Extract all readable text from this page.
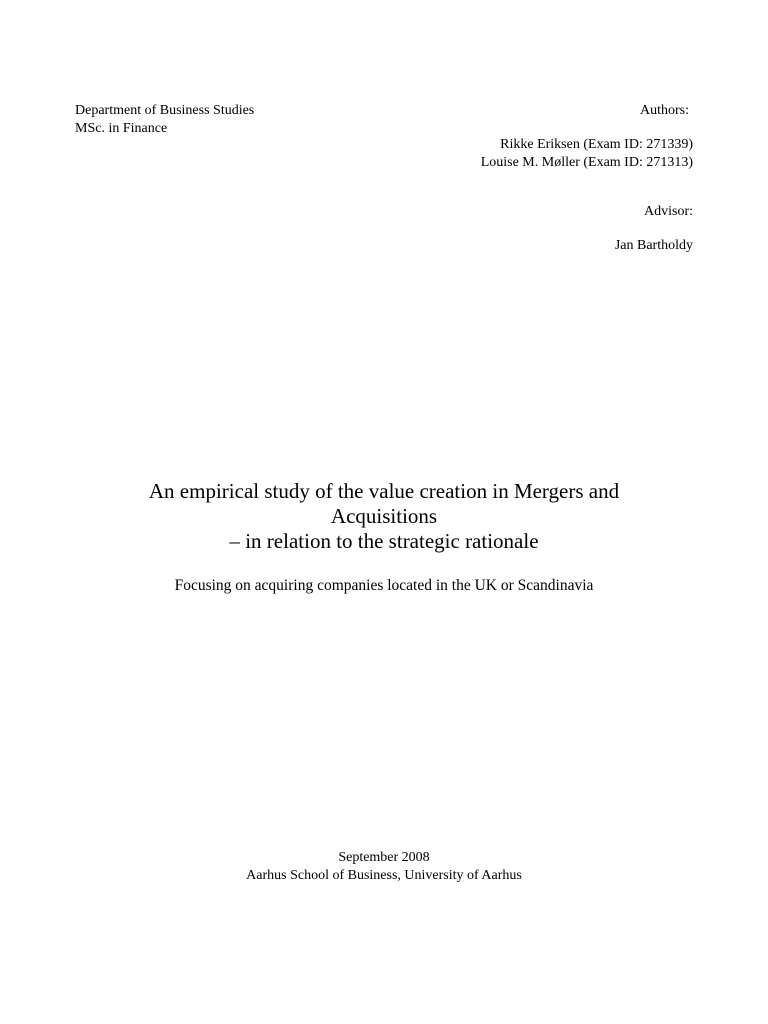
Department of Business Studies
MSc. in Finance
Authors:
Rikke Eriksen (Exam ID: 271339)
Louise M. Møller (Exam ID: 271313)
Advisor:
Jan Bartholdy
An empirical study of the value creation in Mergers and
Acquisitions
– in relation to the strategic rationale
Focusing on acquiring companies located in the UK or Scandinavia
September 2008
Aarhus School of Business, University of Aarhus
